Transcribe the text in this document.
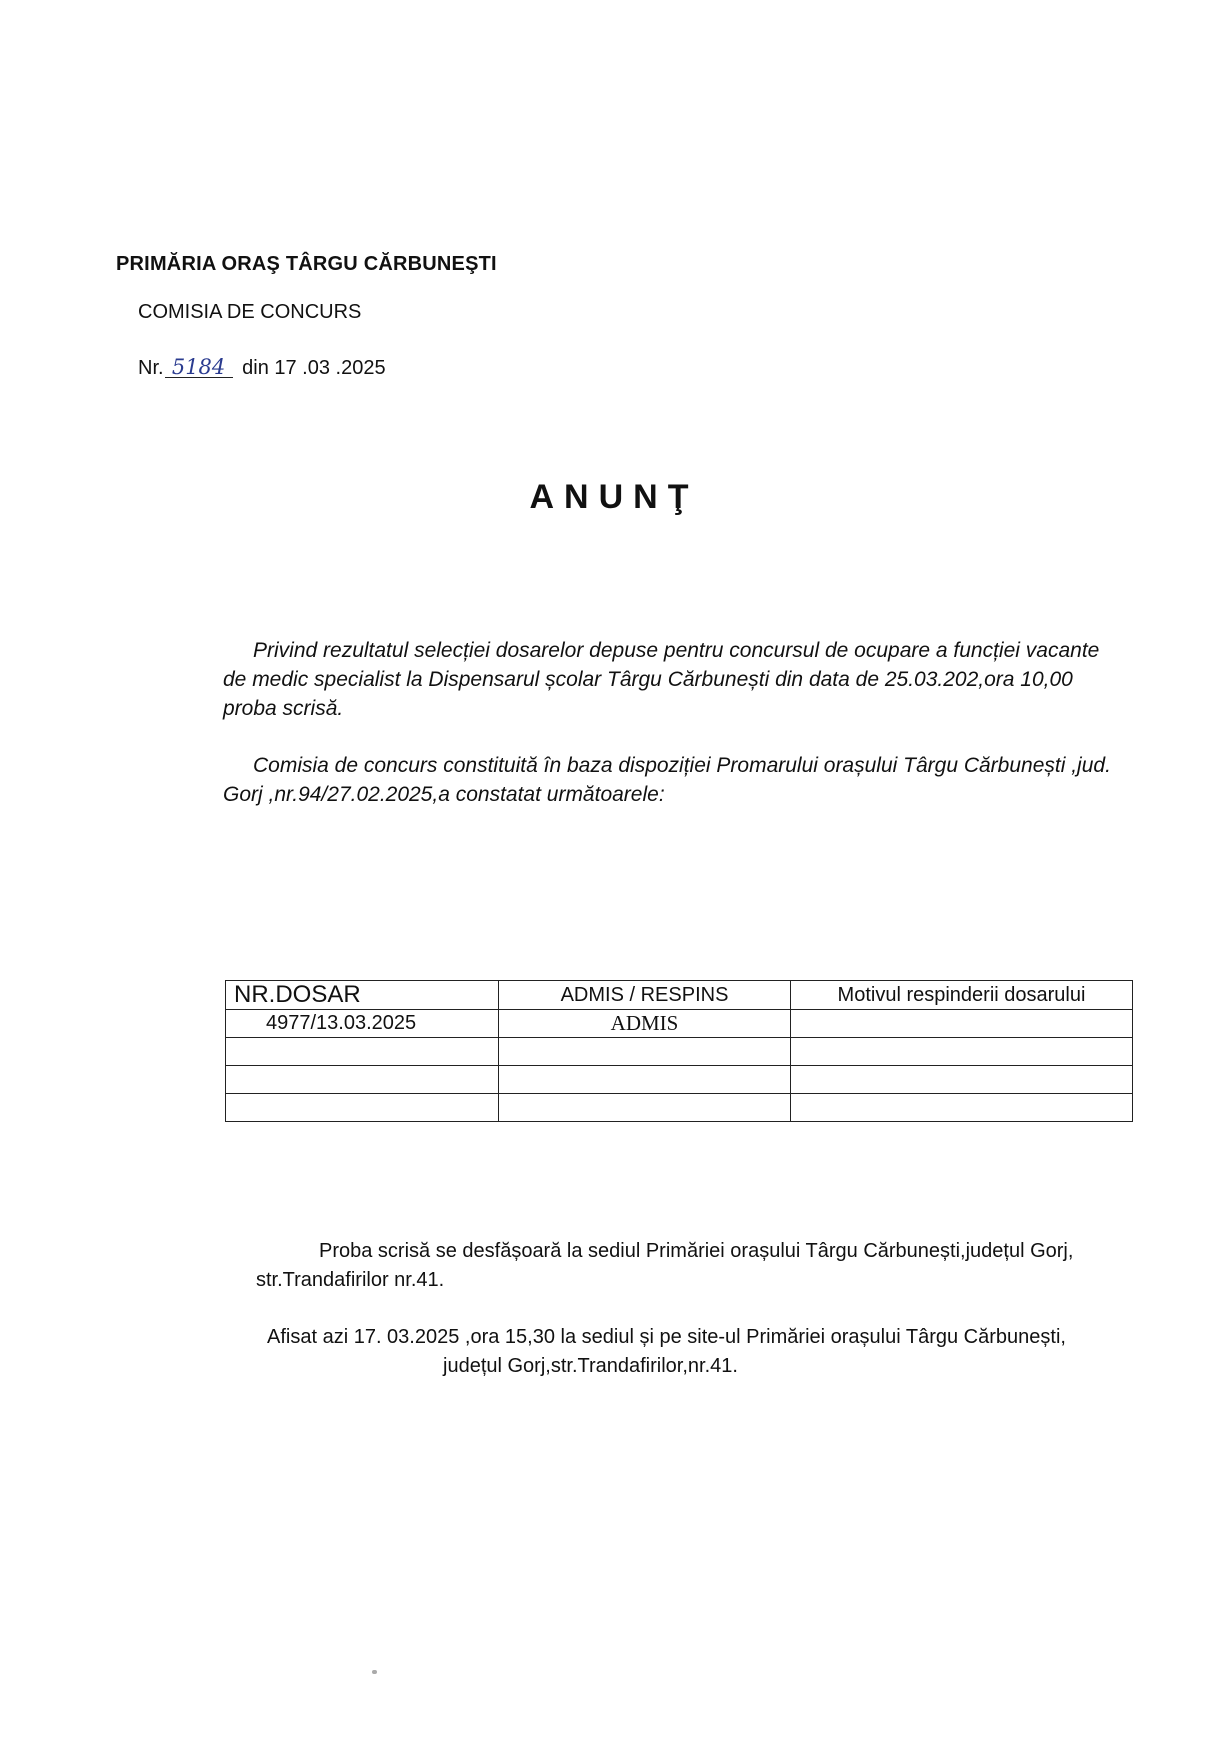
PRIMĂRIA ORAŞ TÂRGU CĂRBUNEŞTI
COMISIA DE CONCURS
Nr. 5184 din 17 .03 .2025
ANUNŢ
Privind rezultatul selecției dosarelor depuse pentru concursul de ocupare a funcției vacante
de medic specialist la Dispensarul școlar Târgu Cărbunești din data de 25.03.202,ora 10,00
proba scrisă.
Comisia de concurs constituită în baza dispoziției Promarului orașului Târgu Cărbunești ,jud.
Gorj ,nr.94/27.02.2025,a constatat următoarele:
NR.DOSAR	ADMIS / RESPINS	Motivul respinderii dosarului
4977/13.03.2025	ADMIS	

Proba scrisă se desfășoară la sediul Primăriei orașului Târgu Cărbunești,județul Gorj,
str.Trandafirilor nr.41.
Afisat azi 17. 03.2025 ,ora 15,30 la sediul și pe site-ul Primăriei orașului Târgu Cărbunești,
județul Gorj,str.Trandafirilor,nr.41.
